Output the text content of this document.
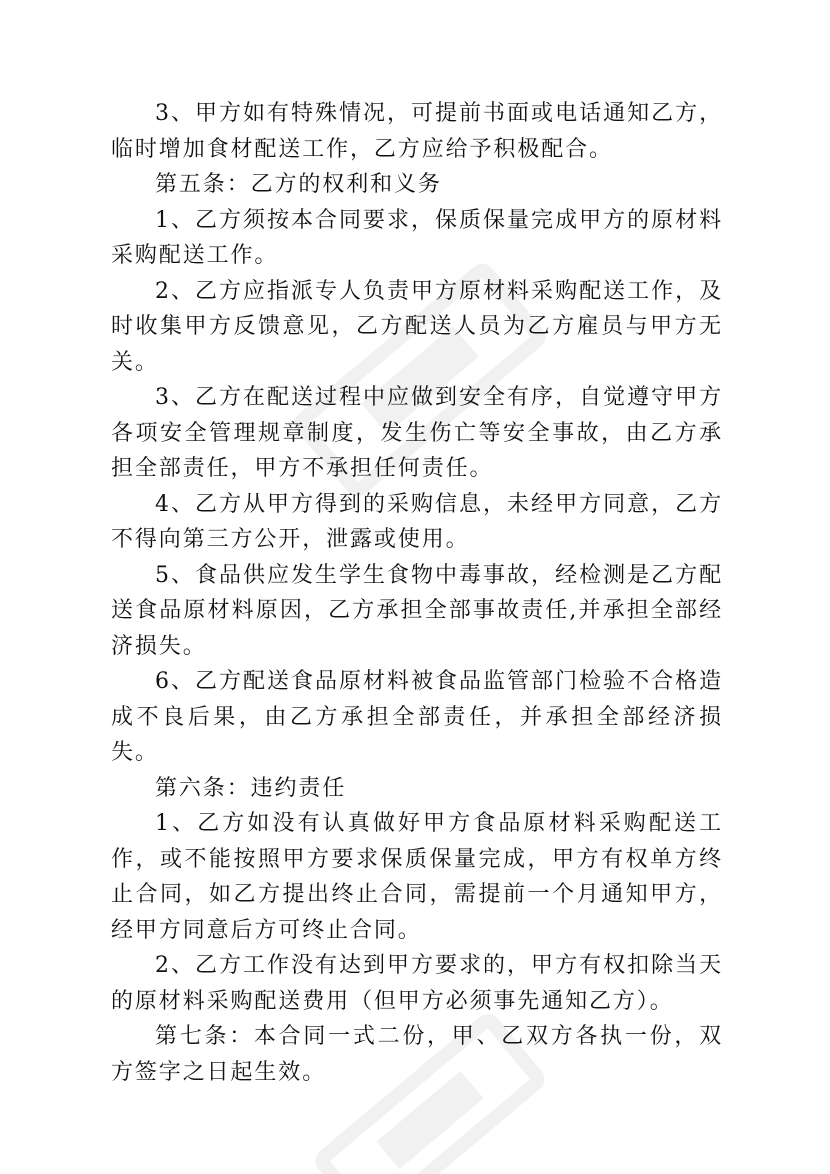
3、甲方如有特殊情况，可提前书面或电话通知乙方，临时增加食材配送工作，乙方应给予积极配合。

第五条：乙方的权利和义务

1、乙方须按本合同要求，保质保量完成甲方的原材料采购配送工作。

2、乙方应指派专人负责甲方原材料采购配送工作，及时收集甲方反馈意见，乙方配送人员为乙方雇员与甲方无关。

3、乙方在配送过程中应做到安全有序，自觉遵守甲方各项安全管理规章制度，发生伤亡等安全事故，由乙方承担全部责任，甲方不承担任何责任。

4、乙方从甲方得到的采购信息，未经甲方同意，乙方不得向第三方公开，泄露或使用。

5、食品供应发生学生食物中毒事故，经检测是乙方配送食品原材料原因，乙方承担全部事故责任,并承担全部经济损失。

6、乙方配送食品原材料被食品监管部门检验不合格造成不良后果，由乙方承担全部责任，并承担全部经济损失。

第六条：违约责任

1、乙方如没有认真做好甲方食品原材料采购配送工作，或不能按照甲方要求保质保量完成，甲方有权单方终止合同，如乙方提出终止合同，需提前一个月通知甲方，经甲方同意后方可终止合同。

2、乙方工作没有达到甲方要求的，甲方有权扣除当天的原材料采购配送费用（但甲方必须事先通知乙方）。

第七条：本合同一式二份，甲、乙双方各执一份，双方签字之日起生效。
